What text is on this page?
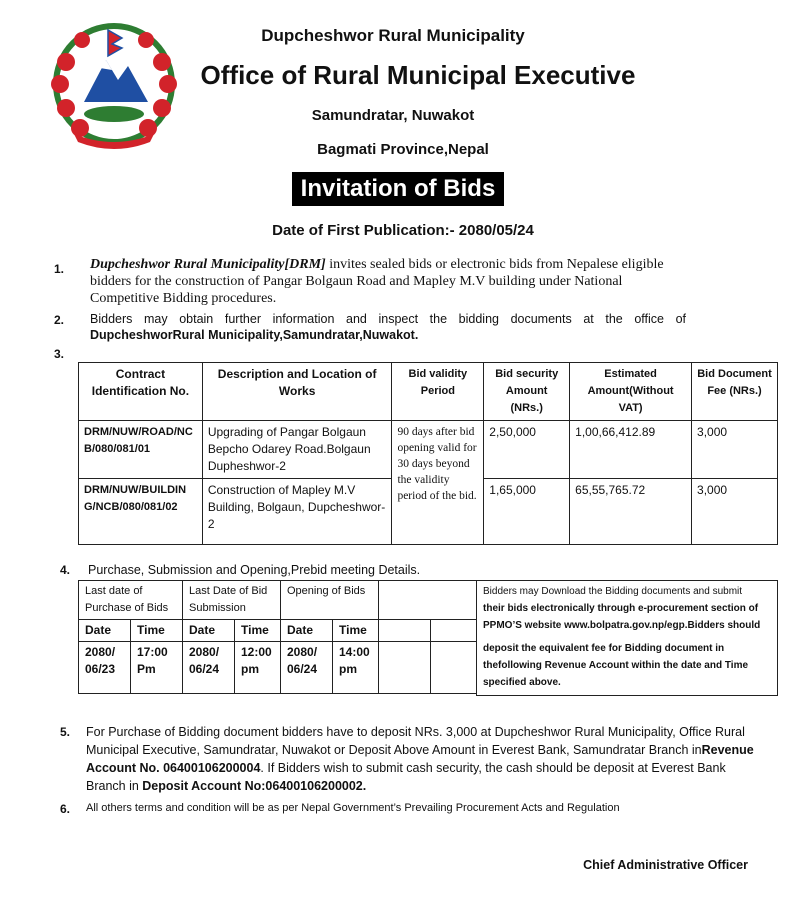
Dupcheshwor Rural Municipality
Office of Rural Municipal Executive
Samundratar, Nuwakot
Bagmati Province,Nepal
Invitation of Bids
Date of First Publication:- 2080/05/24
1. Dupcheshwor Rural Municipality[DRM] invites sealed bids or electronic bids from Nepalese eligible bidders for the construction of Pangar Bolgaun Road and Mapley M.V building under National Competitive Bidding procedures.
2. Bidders may obtain further information and inspect the bidding documents at the office of DupcheshworRural Municipality,Samundratar,Nuwakot.
3.
Contract Identification No.	Description and Location of Works	Bid validity Period	Bid security Amount (NRs.)	Estimated Amount(Without VAT)	Bid Document Fee (NRs.)
DRM/NUW/ROAD/NCB/080/081/01	Upgrading of Pangar Bolgaun Bepcho Odarey Road.Bolgaun Dupheshwor-2	90 days after bid opening valid for 30 days beyond the validity period of the bid.	2,50,000	1,00,66,412.89	3,000
DRM/NUW/BUILDING/NCB/080/081/02	Construction of Mapley M.V Building, Bolgaun, Dupcheshwor-2		1,65,000	65,55,765.72	3,000
4. Purchase, Submission and Opening,Prebid meeting Details.
Last date of Purchase of Bids		Last Date of Bid Submission		Opening of Bids			
Date	Time	Date	Time	Date	Time		
2080/ 06/23	17:00 Pm	2080/ 06/24	12:00 pm	2080/ 06/24	14:00 pm		
Bidders may Download the Bidding documents and submit
their bids electronically through e-procurement section of PPMO’S website www.bolpatra.gov.np/egp.Bidders should
deposit the equivalent fee for Bidding document in thefollowing Revenue Account within the date and Time specified above.
5. For Purchase of Bidding document bidders have to deposit NRs. 3,000 at Dupcheshwor Rural Municipality, Office Rural Municipal Executive, Samundratar, Nuwakot or Deposit Above Amount in Everest Bank, Samundratar Branch inRevenue Account No. 06400106200004. If Bidders wish to submit cash security, the cash should be deposit at Everest Bank Branch in Deposit Account No:06400106200002.
6. All others terms and condition will be as per Nepal Government’s Prevailing Procurement Acts and Regulation
Chief Administrative Officer
